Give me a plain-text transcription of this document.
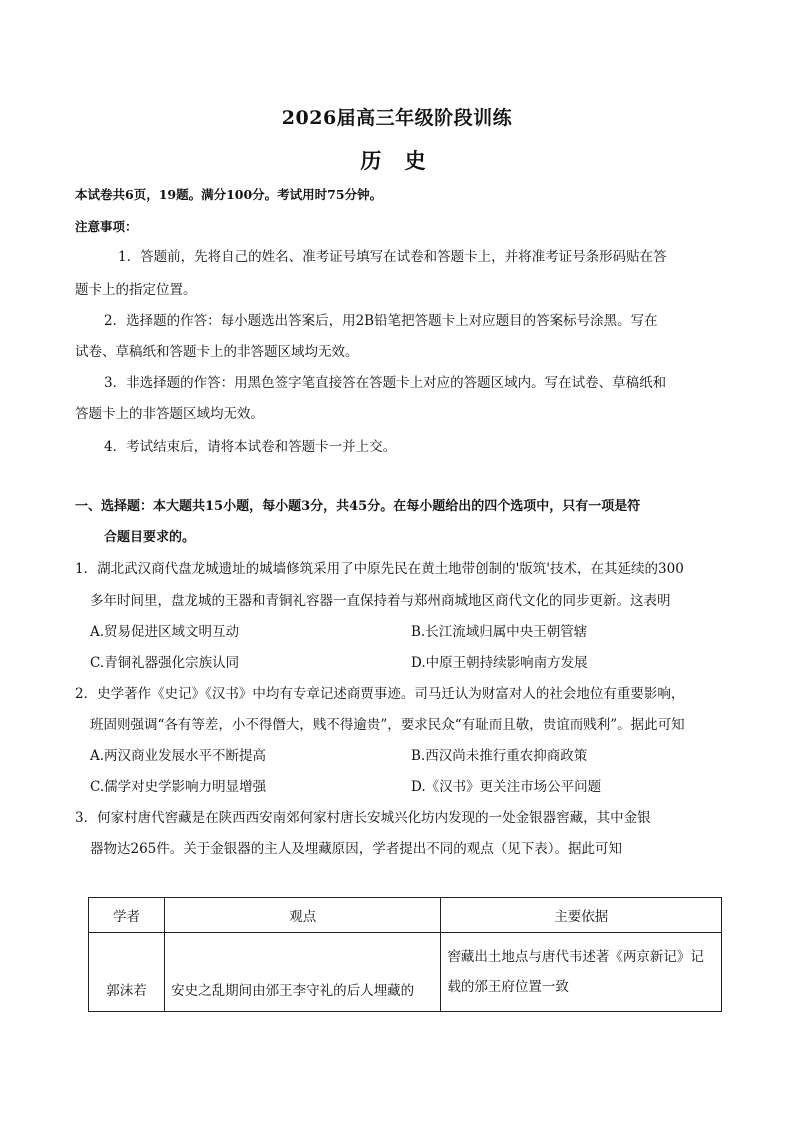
2026届高三年级阶段训练
历 史
本试卷共6页，19题。满分100分。考试用时75分钟。
注意事项：
1．答题前，先将自己的姓名、准考证号填写在试卷和答题卡上，并将准考证号条形码贴在答
题卡上的指定位置。
2．选择题的作答：每小题选出答案后，用2B铅笔把答题卡上对应题目的答案标号涂黑。写在
试卷、草稿纸和答题卡上的非答题区域均无效。
3．非选择题的作答：用黑色签字笔直接答在答题卡上对应的答题区域内。写在试卷、草稿纸和
答题卡上的非答题区域均无效。
4．考试结束后，请将本试卷和答题卡一并上交。
一、选择题：本大题共15小题，每小题3分，共45分。在每小题给出的四个选项中，只有一项是符
合题目要求的。
1．湖北武汉商代盘龙城遗址的城墙修筑采用了中原先民在黄土地带创制的'版筑'技术，在其延续的300
多年时间里，盘龙城的王器和青铜礼容器一直保持着与郑州商城地区商代文化的同步更新。这表明
A.贸易促进区域文明互动	B.长江流域归属中央王朝管辖
C.青铜礼器强化宗族认同	D.中原王朝持续影响南方发展
2．史学著作《史记》《汉书》中均有专章记述商贾事迹。司马迁认为财富对人的社会地位有重要影响，
班固则强调“各有等差，小不得僭大，贱不得逾贵”，要求民众“有耻而且敬，贵谊而贱利”。据此可知
A.两汉商业发展水平不断提高	B.西汉尚未推行重农抑商政策
C.儒学对史学影响力明显增强	D.《汉书》更关注市场公平问题
3．何家村唐代窖藏是在陕西西安南郊何家村唐长安城兴化坊内发现的一处金银器窖藏，其中金银
器物达265件。关于金银器的主人及埋藏原因，学者提出不同的观点（见下表）。据此可知
学者	观点	主要依据
郭沫若	安史之乱期间由邠王李守礼的后人埋藏的	窖藏出土地点与唐代韦述著《两京新记》记
载的邠王府位置一致
